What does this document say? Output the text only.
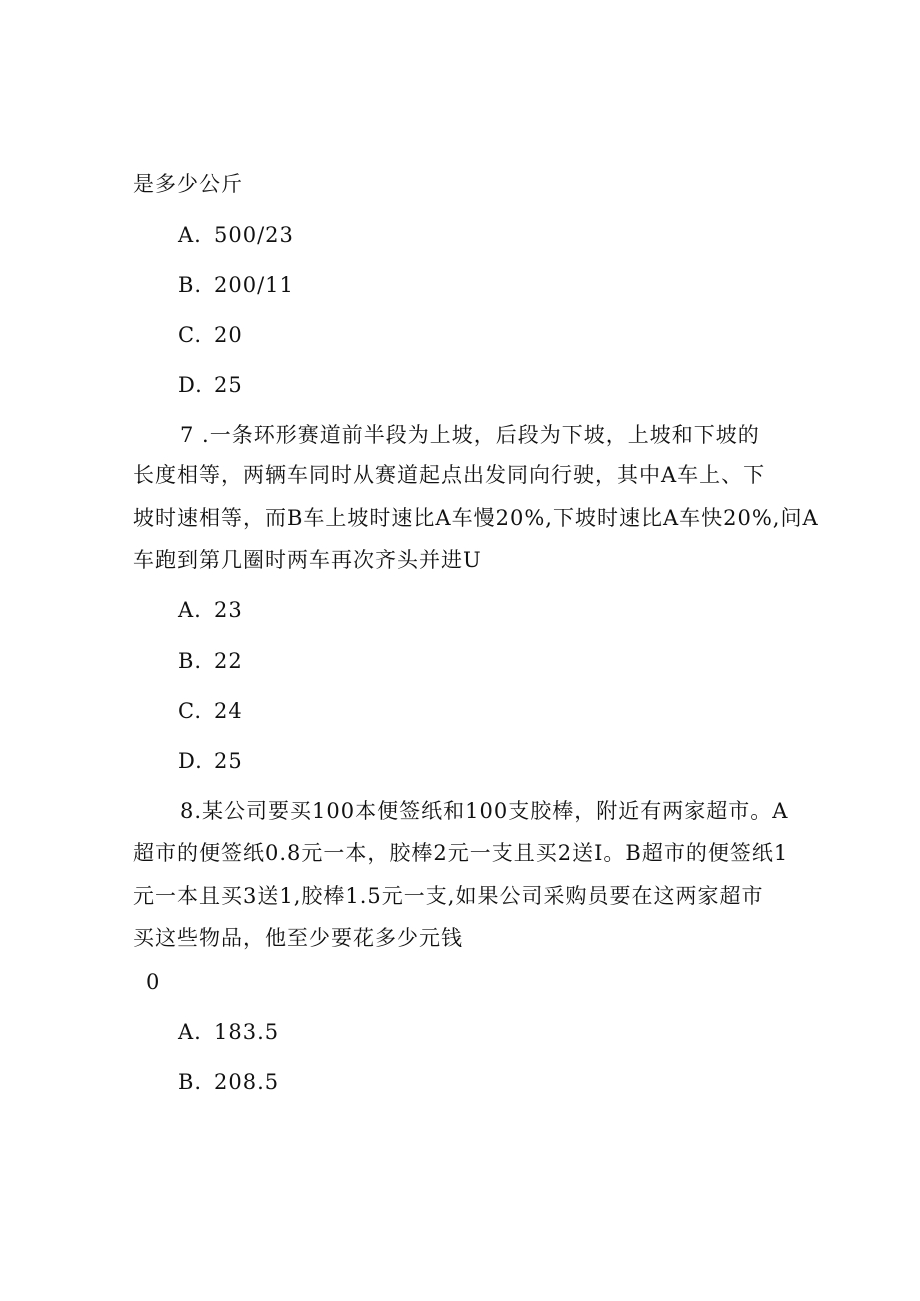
是多少公斤
A. 500/23
B. 200/11
C. 20
D. 25
7 .一条环形赛道前半段为上坡，后段为下坡，上坡和下坡的
长度相等，两辆车同时从赛道起点出发同向行驶，其中A车上、下
坡时速相等，而B车上坡时速比A车慢20%,下坡时速比A车快20%,问A
车跑到第几圈时两车再次齐头并进U
A. 23
B. 22
C. 24
D. 25
8.某公司要买100本便签纸和100支胶棒，附近有两家超市。A
超市的便签纸0.8元一本，胶棒2元一支且买2送I。B超市的便签纸1
元一本且买3送1,胶棒1.5元一支,如果公司采购员要在这两家超市
买这些物品，他至少要花多少元钱
0
A. 183.5
B. 208.5
